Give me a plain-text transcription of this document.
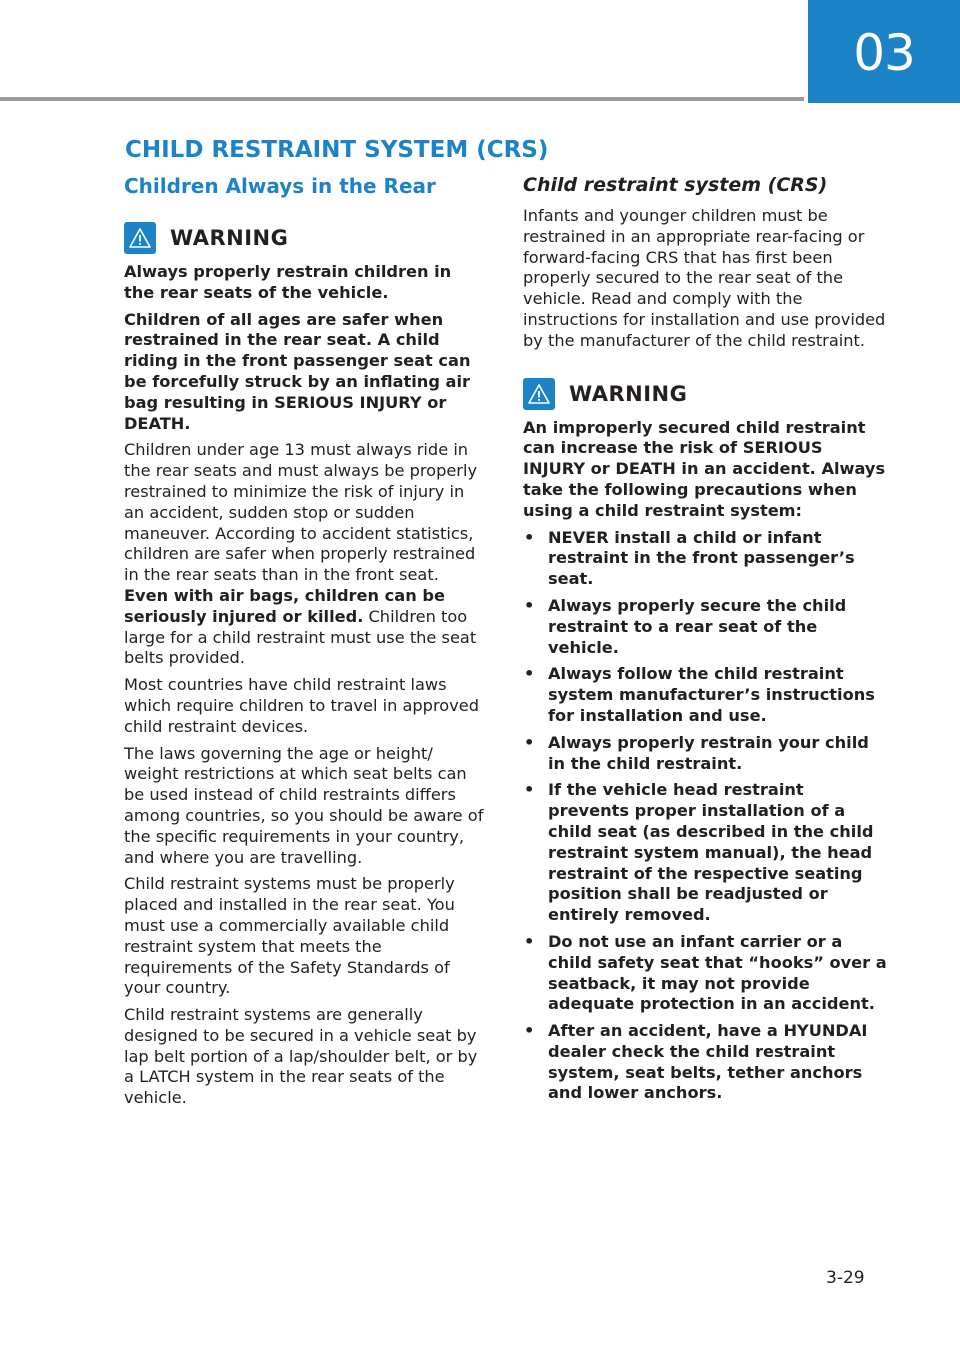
03
CHILD RESTRAINT SYSTEM (CRS)
Children Always in the Rear
WARNING

Always properly restrain children in the rear seats of the vehicle.

Children of all ages are safer when restrained in the rear seat. A child riding in the front passenger seat can be forcefully struck by an inflating air bag resulting in SERIOUS INJURY or DEATH.

Children under age 13 must always ride in the rear seats and must always be properly restrained to minimize the risk of injury in an accident, sudden stop or sudden maneuver. According to accident statistics, children are safer when properly restrained in the rear seats than in the front seat. Even with air bags, children can be seriously injured or killed. Children too large for a child restraint must use the seat belts provided.

Most countries have child restraint laws which require children to travel in approved child restraint devices.

The laws governing the age or height/ weight restrictions at which seat belts can be used instead of child restraints differs among countries, so you should be aware of the specific requirements in your country, and where you are travelling.

Child restraint systems must be properly placed and installed in the rear seat. You must use a commercially available child restraint system that meets the requirements of the Safety Standards of your country.

Child restraint systems are generally designed to be secured in a vehicle seat by lap belt portion of a lap/shoulder belt, or by a LATCH system in the rear seats of the vehicle.

Child restraint system (CRS)

Infants and younger children must be restrained in an appropriate rear-facing or forward-facing CRS that has first been properly secured to the rear seat of the vehicle. Read and comply with the instructions for installation and use provided by the manufacturer of the child restraint.

WARNING

An improperly secured child restraint can increase the risk of SERIOUS INJURY or DEATH in an accident. Always take the following precautions when using a child restraint system:

• NEVER install a child or infant restraint in the front passenger’s seat.
• Always properly secure the child restraint to a rear seat of the vehicle.
• Always follow the child restraint system manufacturer’s instructions for installation and use.
• Always properly restrain your child in the child restraint.
• If the vehicle head restraint prevents proper installation of a child seat (as described in the child restraint system manual), the head restraint of the respective seating position shall be readjusted or entirely removed.
• Do not use an infant carrier or a child safety seat that “hooks” over a seatback, it may not provide adequate protection in an accident.
• After an accident, have a HYUNDAI dealer check the child restraint system, seat belts, tether anchors and lower anchors.
3-29
